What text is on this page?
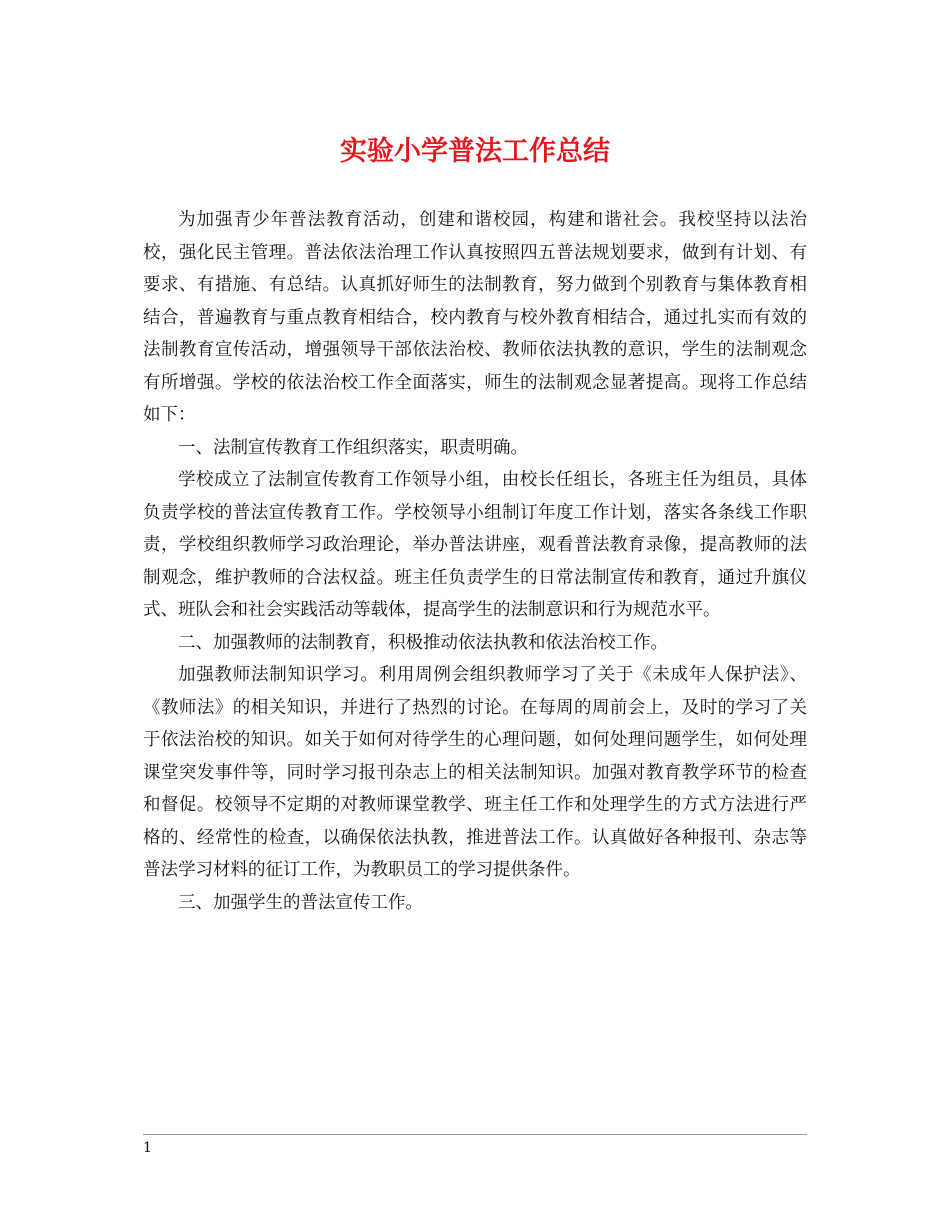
实验小学普法工作总结

为加强青少年普法教育活动，创建和谐校园，构建和谐社会。我校坚持以法治校，强化民主管理。普法依法治理工作认真按照四五普法规划要求，做到有计划、有要求、有措施、有总结。认真抓好师生的法制教育，努力做到个别教育与集体教育相结合，普遍教育与重点教育相结合，校内教育与校外教育相结合，通过扎实而有效的法制教育宣传活动，增强领导干部依法治校、教师依法执教的意识，学生的法制观念有所增强。学校的依法治校工作全面落实，师生的法制观念显著提高。现将工作总结如下：

一、法制宣传教育工作组织落实，职责明确。

学校成立了法制宣传教育工作领导小组，由校长任组长，各班主任为组员，具体负责学校的普法宣传教育工作。学校领导小组制订年度工作计划，落实各条线工作职责，学校组织教师学习政治理论，举办普法讲座，观看普法教育录像，提高教师的法制观念，维护教师的合法权益。班主任负责学生的日常法制宣传和教育，通过升旗仪式、班队会和社会实践活动等载体，提高学生的法制意识和行为规范水平。

二、加强教师的法制教育，积极推动依法执教和依法治校工作。

加强教师法制知识学习。利用周例会组织教师学习了关于《未成年人保护法》、《教师法》的相关知识，并进行了热烈的讨论。在每周的周前会上，及时的学习了关于依法治校的知识。如关于如何对待学生的心理问题，如何处理问题学生，如何处理课堂突发事件等，同时学习报刊杂志上的相关法制知识。加强对教育教学环节的检查和督促。校领导不定期的对教师课堂教学、班主任工作和处理学生的方式方法进行严格的、经常性的检查，以确保依法执教，推进普法工作。认真做好各种报刊、杂志等普法学习材料的征订工作，为教职员工的学习提供条件。

三、加强学生的普法宣传工作。

1
